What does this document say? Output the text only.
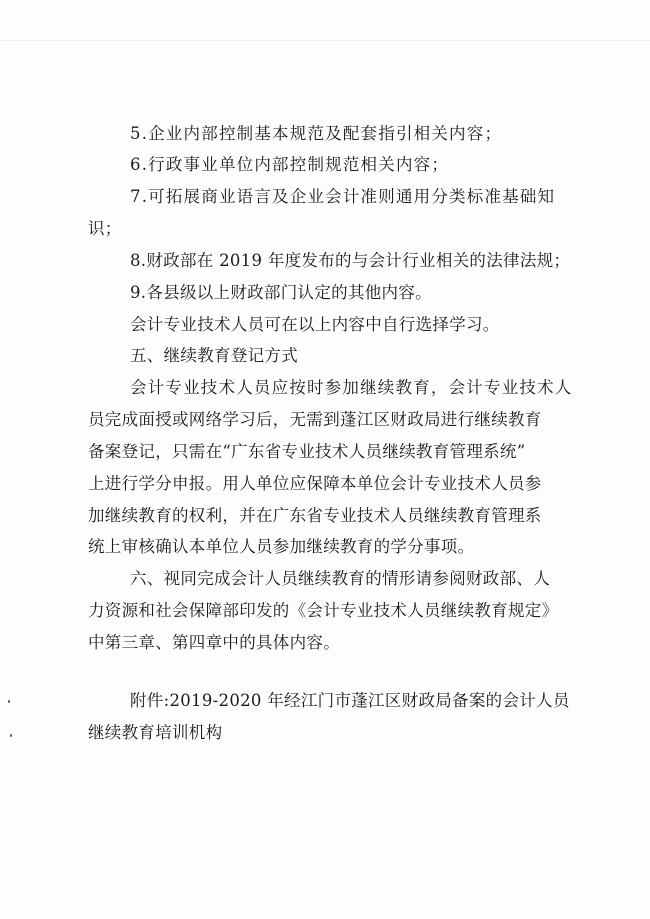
5.企业内部控制基本规范及配套指引相关内容；
6.行政事业单位内部控制规范相关内容；
7.可拓展商业语言及企业会计准则通用分类标准基础知
识；
8.财政部在 2019 年度发布的与会计行业相关的法律法规；
9.各县级以上财政部门认定的其他内容。
会计专业技术人员可在以上内容中自行选择学习。
五、继续教育登记方式
会计专业技术人员应按时参加继续教育，会计专业技术人
员完成面授或网络学习后，无需到蓬江区财政局进行继续教育
备案登记，只需在“广东省专业技术人员继续教育管理系统”
上进行学分申报。用人单位应保障本单位会计专业技术人员参
加继续教育的权利，并在广东省专业技术人员继续教育管理系
统上审核确认本单位人员参加继续教育的学分事项。
六、视同完成会计人员继续教育的情形请参阅财政部、人
力资源和社会保障部印发的《会计专业技术人员继续教育规定》
中第三章、第四章中的具体内容。
附件:2019-2020 年经江门市蓬江区财政局备案的会计人员
继续教育培训机构
